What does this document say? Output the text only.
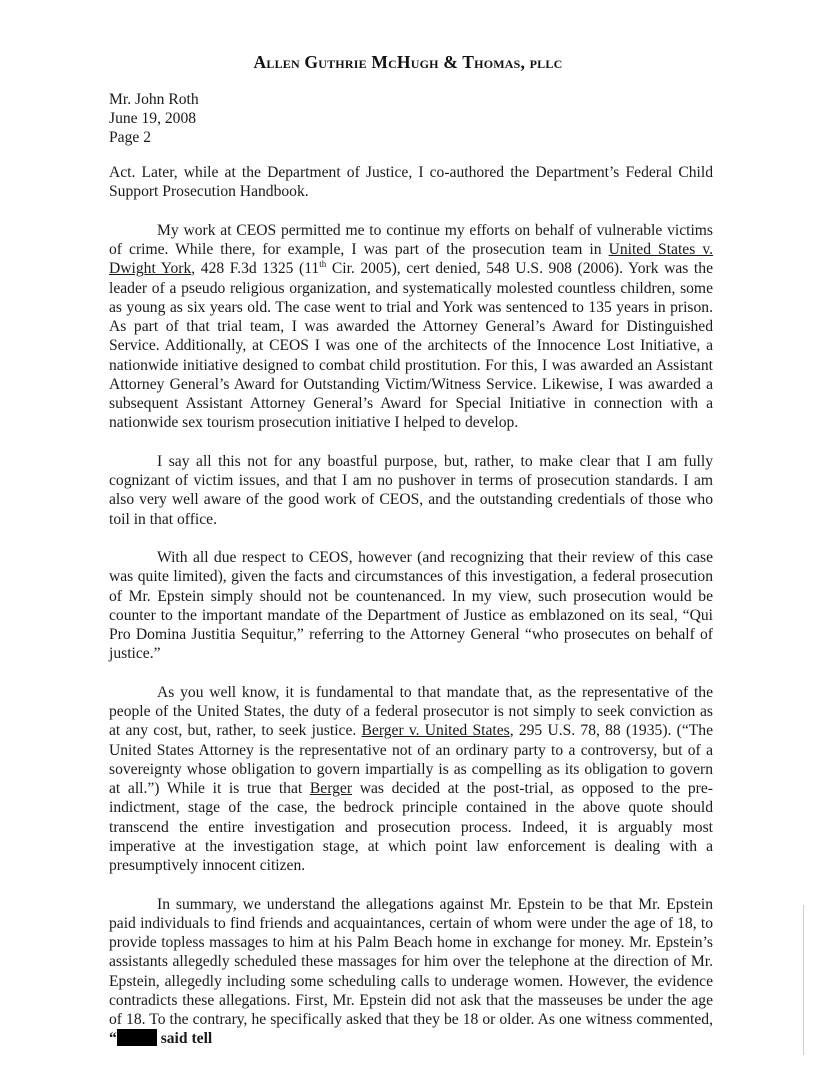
Allen Guthrie McHugh & Thomas, pllc
Mr. John Roth
June 19, 2008
Page 2

Act. Later, while at the Department of Justice, I co-authored the Department’s Federal Child Support Prosecution Handbook.

My work at CEOS permitted me to continue my efforts on behalf of vulnerable victims of crime. While there, for example, I was part of the prosecution team in United States v. Dwight York, 428 F.3d 1325 (11th Cir. 2005), cert denied, 548 U.S. 908 (2006). York was the leader of a pseudo religious organization, and systematically molested countless children, some as young as six years old. The case went to trial and York was sentenced to 135 years in prison. As part of that trial team, I was awarded the Attorney General’s Award for Distinguished Service. Additionally, at CEOS I was one of the architects of the Innocence Lost Initiative, a nationwide initiative designed to combat child prostitution. For this, I was awarded an Assistant Attorney General’s Award for Outstanding Victim/Witness Service. Likewise, I was awarded a subsequent Assistant Attorney General’s Award for Special Initiative in connection with a nationwide sex tourism prosecution initiative I helped to develop.

I say all this not for any boastful purpose, but, rather, to make clear that I am fully cognizant of victim issues, and that I am no pushover in terms of prosecution standards. I am also very well aware of the good work of CEOS, and the outstanding credentials of those who toil in that office.

With all due respect to CEOS, however (and recognizing that their review of this case was quite limited), given the facts and circumstances of this investigation, a federal prosecution of Mr. Epstein simply should not be countenanced. In my view, such prosecution would be counter to the important mandate of the Department of Justice as emblazoned on its seal, “Qui Pro Domina Justitia Sequitur,” referring to the Attorney General “who prosecutes on behalf of justice.”

As you well know, it is fundamental to that mandate that, as the representative of the people of the United States, the duty of a federal prosecutor is not simply to seek conviction as at any cost, but, rather, to seek justice. Berger v. United States, 295 U.S. 78, 88 (1935). (“The United States Attorney is the representative not of an ordinary party to a controversy, but of a sovereignty whose obligation to govern impartially is as compelling as its obligation to govern at all.”) While it is true that Berger was decided at the post-trial, as opposed to the pre-indictment, stage of the case, the bedrock principle contained in the above quote should transcend the entire investigation and prosecution process. Indeed, it is arguably most imperative at the investigation stage, at which point law enforcement is dealing with a presumptively innocent citizen.

In summary, we understand the allegations against Mr. Epstein to be that Mr. Epstein paid individuals to find friends and acquaintances, certain of whom were under the age of 18, to provide topless massages to him at his Palm Beach home in exchange for money. Mr. Epstein’s assistants allegedly scheduled these massages for him over the telephone at the direction of Mr. Epstein, allegedly including some scheduling calls to underage women. However, the evidence contradicts these allegations. First, Mr. Epstein did not ask that the masseuses be under the age of 18. To the contrary, he specifically asked that they be 18 or older. As one witness commented, “	said tell
